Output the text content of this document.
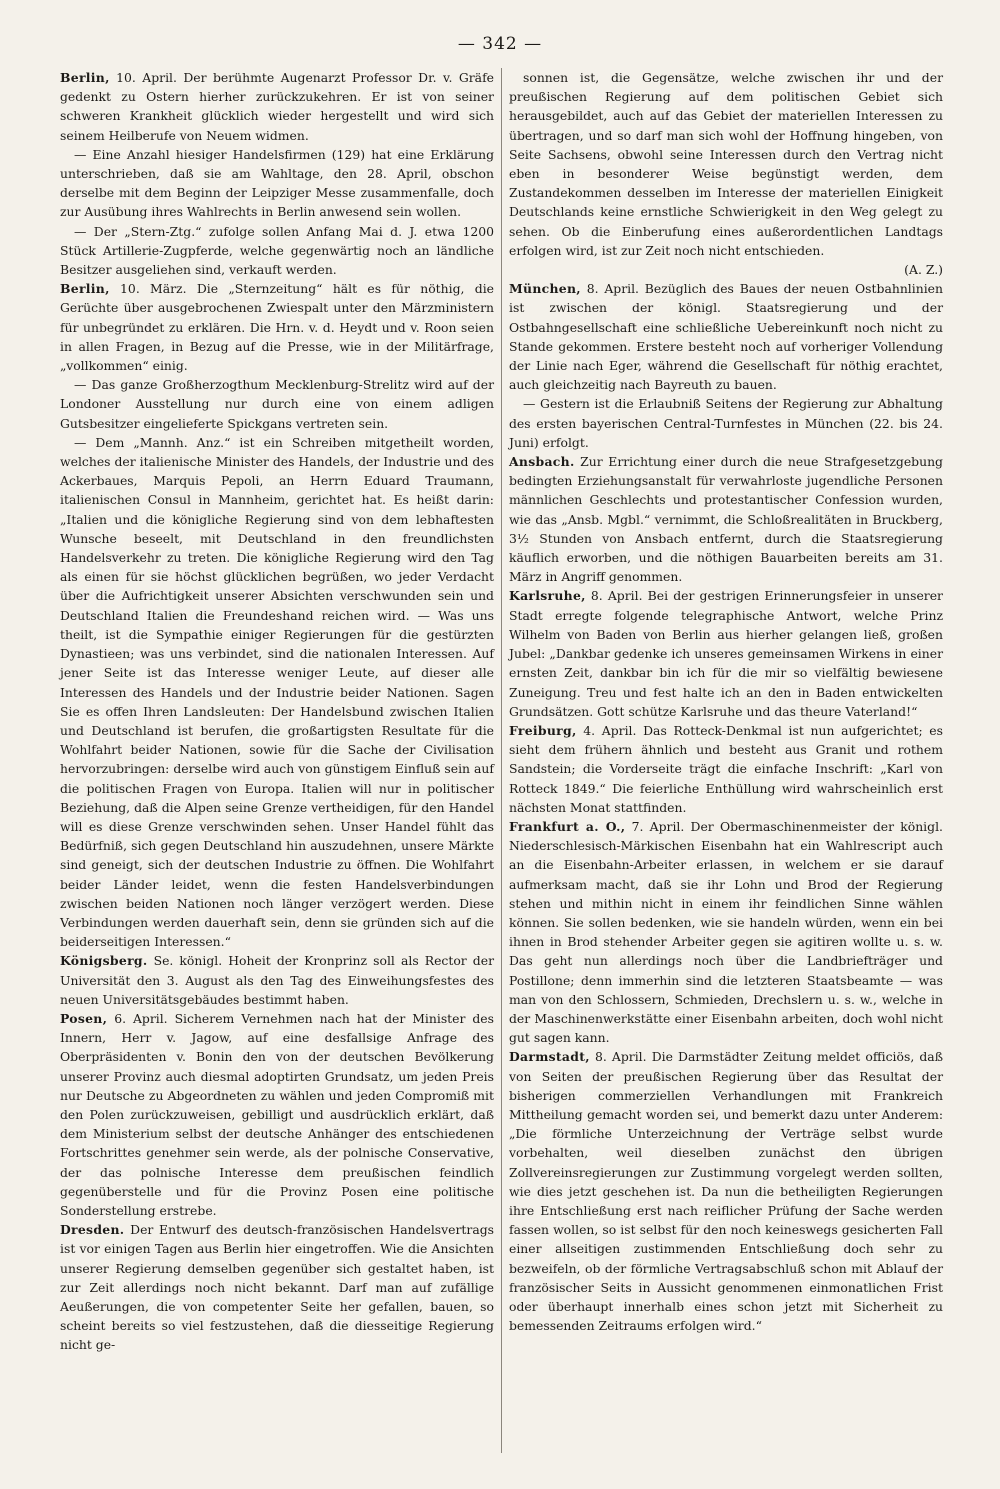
— 342 —

Berlin, 10. April. Der berühmte Augenarzt Professor Dr. v. Gräfe gedenkt zu Ostern hierher zurückzukehren. Er ist von seiner schweren Krankheit glücklich wieder hergestellt und wird sich seinem Heilberufe von Neuem widmen.

— Eine Anzahl hiesiger Handelsfirmen (129) hat eine Erklärung unterschrieben, daß sie am Wahltage, den 28. April, obschon derselbe mit dem Beginn der Leipziger Messe zusammenfalle, doch zur Ausübung ihres Wahlrechts in Berlin anwesend sein wollen.

— Der „Stern-Ztg.“ zufolge sollen Anfang Mai d. J. etwa 1200 Stück Artillerie-Zugpferde, welche gegenwärtig noch an ländliche Besitzer ausgeliehen sind, verkauft werden.

Berlin, 10. März. Die „Sternzeitung“ hält es für nöthig, die Gerüchte über ausgebrochenen Zwiespalt unter den Märzministern für unbegründet zu erklären. Die Hrn. v. d. Heydt und v. Roon seien in allen Fragen, in Bezug auf die Presse, wie in der Militärfrage, „vollkommen“ einig.

— Das ganze Großherzogthum Mecklenburg-Strelitz wird auf der Londoner Ausstellung nur durch eine von einem adligen Gutsbesitzer eingelieferte Spickgans vertreten sein.

— Dem „Mannh. Anz.“ ist ein Schreiben mitgetheilt worden, welches der italienische Minister des Handels, der Industrie und des Ackerbaues, Marquis Pepoli, an Herrn Eduard Traumann, italienischen Consul in Mannheim, gerichtet hat. Es heißt darin: „Italien und die königliche Regierung sind von dem lebhaftesten Wunsche beseelt, mit Deutschland in den freundlichsten Handelsverkehr zu treten. Die königliche Regierung wird den Tag als einen für sie höchst glücklichen begrüßen, wo jeder Verdacht über die Aufrichtigkeit unserer Absichten verschwunden sein und Deutschland Italien die Freundeshand reichen wird. — Was uns theilt, ist die Sympathie einiger Regierungen für die gestürzten Dynastieen; was uns verbindet, sind die nationalen Interessen. Auf jener Seite ist das Interesse weniger Leute, auf dieser alle Interessen des Handels und der Industrie beider Nationen. Sagen Sie es offen Ihren Landsleuten: Der Handelsbund zwischen Italien und Deutschland ist berufen, die großartigsten Resultate für die Wohlfahrt beider Nationen, sowie für die Sache der Civilisation hervorzubringen: derselbe wird auch von günstigem Einfluß sein auf die politischen Fragen von Europa. Italien will nur in politischer Beziehung, daß die Alpen seine Grenze vertheidigen, für den Handel will es diese Grenze verschwinden sehen. Unser Handel fühlt das Bedürfniß, sich gegen Deutschland hin auszudehnen, unsere Märkte sind geneigt, sich der deutschen Industrie zu öffnen. Die Wohlfahrt beider Länder leidet, wenn die festen Handelsverbindungen zwischen beiden Nationen noch länger verzögert werden. Diese Verbindungen werden dauerhaft sein, denn sie gründen sich auf die beiderseitigen Interessen.“

Königsberg. Se. königl. Hoheit der Kronprinz soll als Rector der Universität den 3. August als den Tag des Einweihungsfestes des neuen Universitätsgebäudes bestimmt haben.

Posen, 6. April. Sicherem Vernehmen nach hat der Minister des Innern, Herr v. Jagow, auf eine desfallsige Anfrage des Oberpräsidenten v. Bonin den von der deutschen Bevölkerung unserer Provinz auch diesmal adoptirten Grundsatz, um jeden Preis nur Deutsche zu Abgeordneten zu wählen und jeden Compromiß mit den Polen zurückzuweisen, gebilligt und ausdrücklich erklärt, daß dem Ministerium selbst der deutsche Anhänger des entschiedenen Fortschrittes genehmer sein werde, als der polnische Conservative, der das polnische Interesse dem preußischen feindlich gegenüberstelle und für die Provinz Posen eine politische Sonderstellung erstrebe.

Dresden. Der Entwurf des deutsch-französischen Handelsvertrags ist vor einigen Tagen aus Berlin hier eingetroffen. Wie die Ansichten unserer Regierung demselben gegenüber sich gestaltet haben, ist zur Zeit allerdings noch nicht bekannt. Darf man auf zufällige Aeußerungen, die von competenter Seite her gefallen, bauen, so scheint bereits so viel festzustehen, daß die diesseitige Regierung nicht ge-

sonnen ist, die Gegensätze, welche zwischen ihr und der preußischen Regierung auf dem politischen Gebiet sich herausgebildet, auch auf das Gebiet der materiellen Interessen zu übertragen, und so darf man sich wohl der Hoffnung hingeben, von Seite Sachsens, obwohl seine Interessen durch den Vertrag nicht eben in besonderer Weise begünstigt werden, dem Zustandekommen desselben im Interesse der materiellen Einigkeit Deutschlands keine ernstliche Schwierigkeit in den Weg gelegt zu sehen. Ob die Einberufung eines außerordentlichen Landtags erfolgen wird, ist zur Zeit noch nicht entschieden.
(A. Z.)

München, 8. April. Bezüglich des Baues der neuen Ostbahnlinien ist zwischen der königl. Staatsregierung und der Ostbahngesellschaft eine schließliche Uebereinkunft noch nicht zu Stande gekommen. Erstere besteht noch auf vorheriger Vollendung der Linie nach Eger, während die Gesellschaft für nöthig erachtet, auch gleichzeitig nach Bayreuth zu bauen.

— Gestern ist die Erlaubniß Seitens der Regierung zur Abhaltung des ersten bayerischen Central-Turnfestes in München (22. bis 24. Juni) erfolgt.

Ansbach. Zur Errichtung einer durch die neue Strafgesetzgebung bedingten Erziehungsanstalt für verwahrloste jugendliche Personen männlichen Geschlechts und protestantischer Confession wurden, wie das „Ansb. Mgbl.“ vernimmt, die Schloßrealitäten in Bruckberg, 3½ Stunden von Ansbach entfernt, durch die Staatsregierung käuflich erworben, und die nöthigen Bauarbeiten bereits am 31. März in Angriff genommen.

Karlsruhe, 8. April. Bei der gestrigen Erinnerungsfeier in unserer Stadt erregte folgende telegraphische Antwort, welche Prinz Wilhelm von Baden von Berlin aus hierher gelangen ließ, großen Jubel: „Dankbar gedenke ich unseres gemeinsamen Wirkens in einer ernsten Zeit, dankbar bin ich für die mir so vielfältig bewiesene Zuneigung. Treu und fest halte ich an den in Baden entwickelten Grundsätzen. Gott schütze Karlsruhe und das theure Vaterland!“

Freiburg, 4. April. Das Rotteck-Denkmal ist nun aufgerichtet; es sieht dem frühern ähnlich und besteht aus Granit und rothem Sandstein; die Vorderseite trägt die einfache Inschrift: „Karl von Rotteck 1849.“ Die feierliche Enthüllung wird wahrscheinlich erst nächsten Monat stattfinden.

Frankfurt a. O., 7. April. Der Obermaschinenmeister der königl. Niederschlesisch-Märkischen Eisenbahn hat ein Wahlrescript auch an die Eisenbahn-Arbeiter erlassen, in welchem er sie darauf aufmerksam macht, daß sie ihr Lohn und Brod der Regierung stehen und mithin nicht in einem ihr feindlichen Sinne wählen können. Sie sollen bedenken, wie sie handeln würden, wenn ein bei ihnen in Brod stehender Arbeiter gegen sie agitiren wollte u. s. w. Das geht nun allerdings noch über die Landbriefträger und Postillone; denn immerhin sind die letzteren Staatsbeamte — was man von den Schlossern, Schmieden, Drechslern u. s. w., welche in der Maschinenwerkstätte einer Eisenbahn arbeiten, doch wohl nicht gut sagen kann.

Darmstadt, 8. April. Die Darmstädter Zeitung meldet officiös, daß von Seiten der preußischen Regierung über das Resultat der bisherigen commerziellen Verhandlungen mit Frankreich Mittheilung gemacht worden sei, und bemerkt dazu unter Anderem: „Die förmliche Unterzeichnung der Verträge selbst wurde vorbehalten, weil dieselben zunächst den übrigen Zollvereinsregierungen zur Zustimmung vorgelegt werden sollten, wie dies jetzt geschehen ist. Da nun die betheiligten Regierungen ihre Entschließung erst nach reiflicher Prüfung der Sache werden fassen wollen, so ist selbst für den noch keineswegs gesicherten Fall einer allseitigen zustimmenden Entschließung doch sehr zu bezweifeln, ob der förmliche Vertragsabschluß schon mit Ablauf der französischer Seits in Aussicht genommenen einmonatlichen Frist oder überhaupt innerhalb eines schon jetzt mit Sicherheit zu bemessenden Zeitraums erfolgen wird.“
